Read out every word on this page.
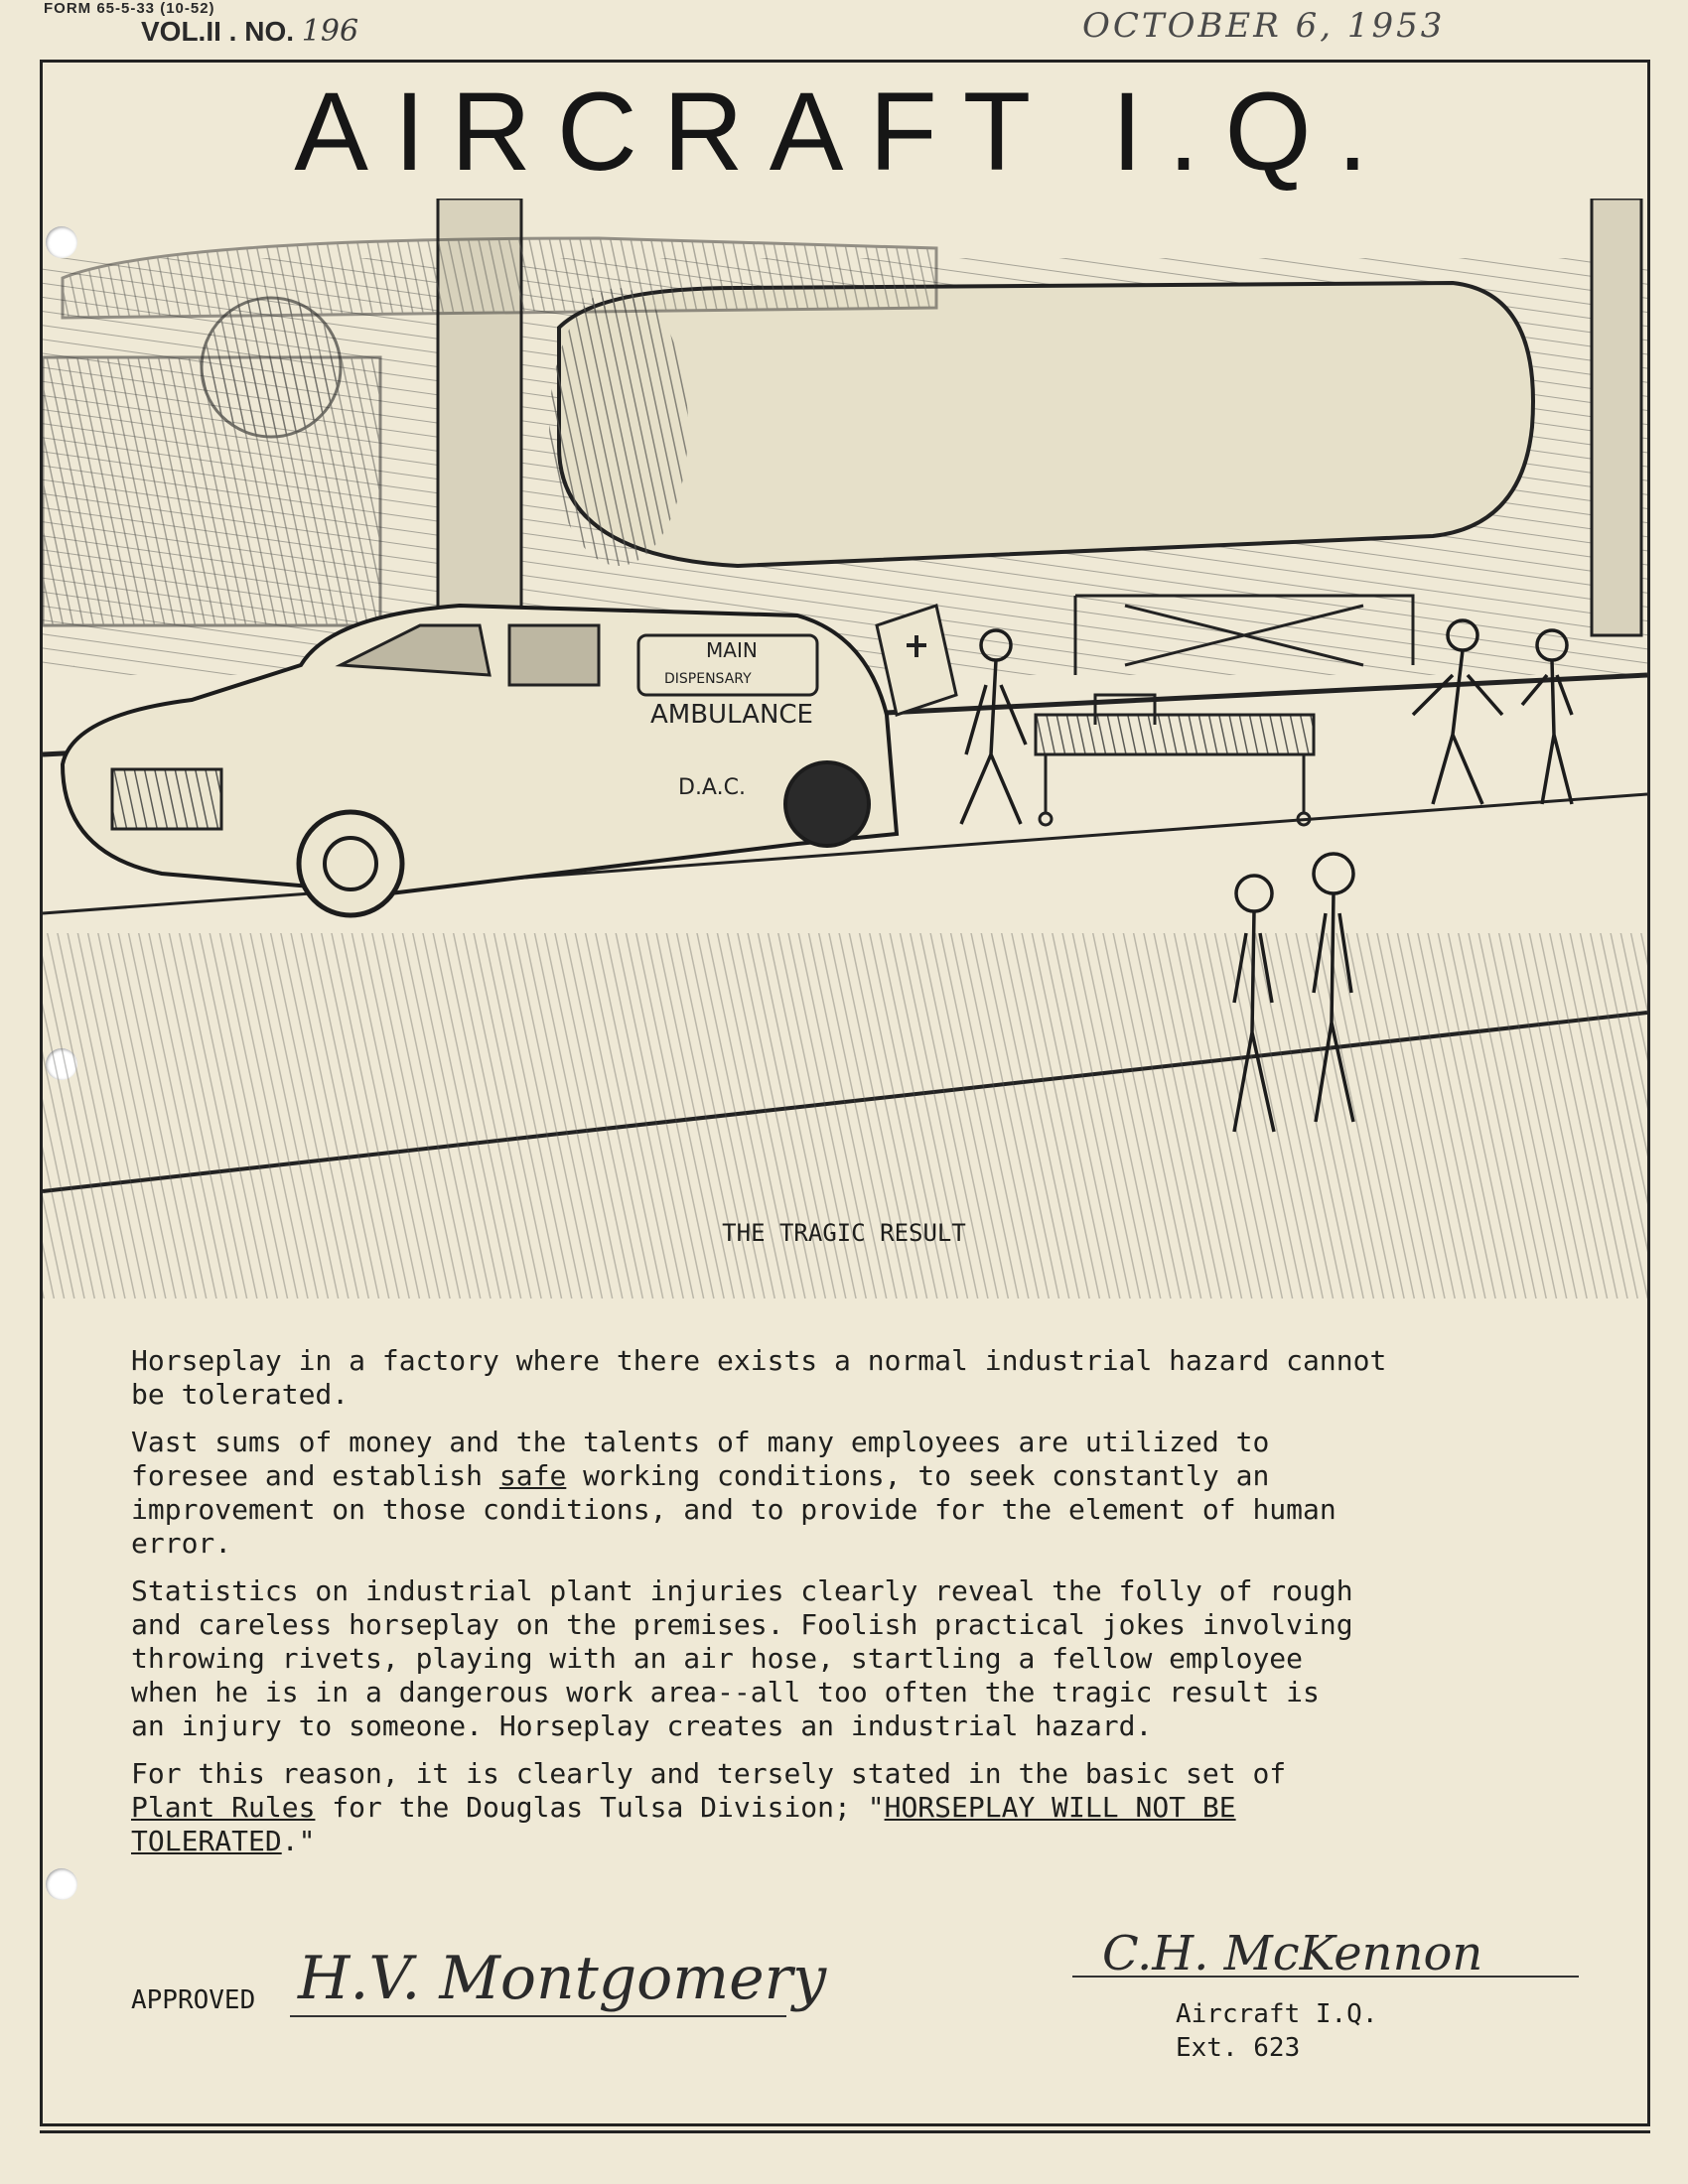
FORM 65-5-33 (10-52)
VOL.II . NO. 196	OCTOBER 6, 1953
AIRCRAFT I.Q.
MAIN
DISPENSARY
AMBULANCE
D.A.C.
THE TRAGIC RESULT

Horseplay in a factory where there exists a normal industrial hazard cannot
be tolerated.

Vast sums of money and the talents of many employees are utilized to
foresee and establish safe working conditions, to seek constantly an
improvement on those conditions, and to provide for the element of human
error.

Statistics on industrial plant injuries clearly reveal the folly of rough
and careless horseplay on the premises. Foolish practical jokes involving
throwing rivets, playing with an air hose, startling a fellow employee
when he is in a dangerous work area--all too often the tragic result is
an injury to someone. Horseplay creates an industrial hazard.

For this reason, it is clearly and tersely stated in the basic set of
Plant Rules for the Douglas Tulsa Division; "HORSEPLAY WILL NOT BE
TOLERATED."

APPROVED H.V. Montgomery	C.H. McKennon
Aircraft I.Q.
Ext. 623
